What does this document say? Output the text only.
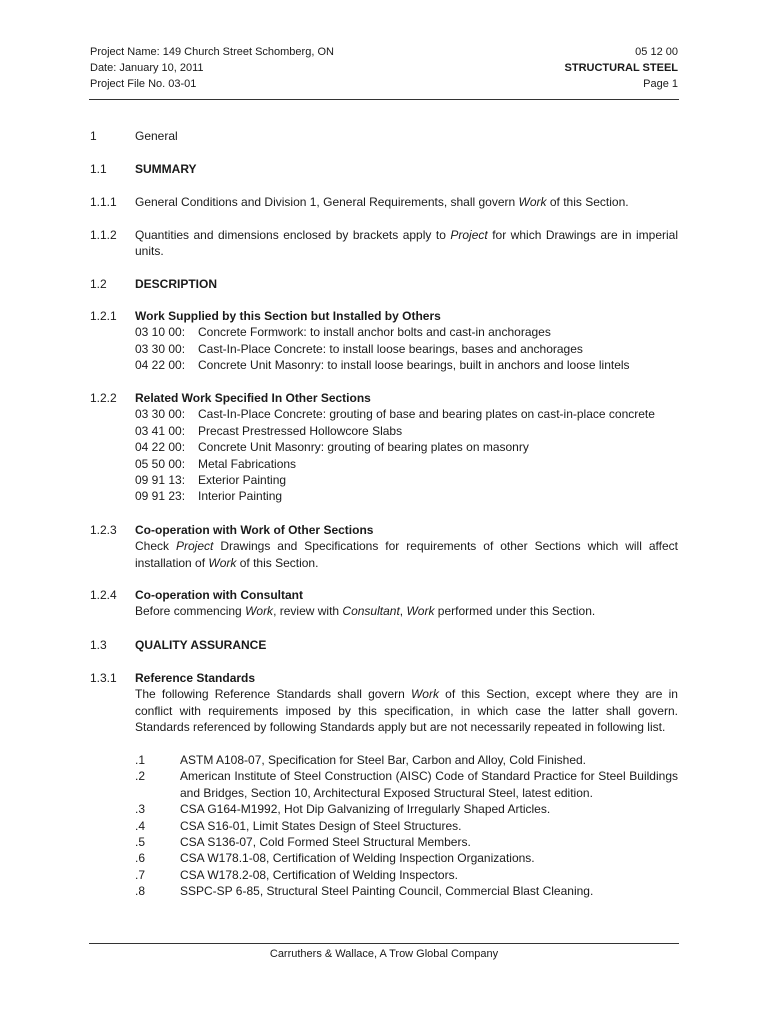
Project Name: 149 Church Street Schomberg, ON
Date: January 10, 2011
Project File No. 03-01
05 12 00
STRUCTURAL STEEL
Page 1
1	General
1.1 SUMMARY
1.1.1 General Conditions and Division 1, General Requirements, shall govern Work of this Section.
1.1.2 Quantities and dimensions enclosed by brackets apply to Project for which Drawings are in imperial units.
1.2 DESCRIPTION
1.2.1 Work Supplied by this Section but Installed by Others
03 10 00: Concrete Formwork: to install anchor bolts and cast-in anchorages
03 30 00: Cast-In-Place Concrete: to install loose bearings, bases and anchorages
04 22 00: Concrete Unit Masonry: to install loose bearings, built in anchors and loose lintels
1.2.2 Related Work Specified In Other Sections
03 30 00: Cast-In-Place Concrete: grouting of base and bearing plates on cast-in-place concrete
03 41 00: Precast Prestressed Hollowcore Slabs
04 22 00: Concrete Unit Masonry: grouting of bearing plates on masonry
05 50 00: Metal Fabrications
09 91 13: Exterior Painting
09 91 23: Interior Painting
1.2.3 Co-operation with Work of Other Sections
Check Project Drawings and Specifications for requirements of other Sections which will affect installation of Work of this Section.
1.2.4 Co-operation with Consultant
Before commencing Work, review with Consultant, Work performed under this Section.
1.3 QUALITY ASSURANCE
1.3.1 Reference Standards
The following Reference Standards shall govern Work of this Section, except where they are in conflict with requirements imposed by this specification, in which case the latter shall govern. Standards referenced by following Standards apply but are not necessarily repeated in following list.
.1	ASTM A108-07, Specification for Steel Bar, Carbon and Alloy, Cold Finished.
.2	American Institute of Steel Construction (AISC) Code of Standard Practice for Steel Buildings and Bridges, Section 10, Architectural Exposed Structural Steel, latest edition.
.3	CSA G164-M1992, Hot Dip Galvanizing of Irregularly Shaped Articles.
.4	CSA S16-01, Limit States Design of Steel Structures.
.5	CSA S136-07, Cold Formed Steel Structural Members.
.6	CSA W178.1-08, Certification of Welding Inspection Organizations.
.7	CSA W178.2-08, Certification of Welding Inspectors.
.8	SSPC-SP 6-85, Structural Steel Painting Council, Commercial Blast Cleaning.
Carruthers & Wallace, A Trow Global Company
